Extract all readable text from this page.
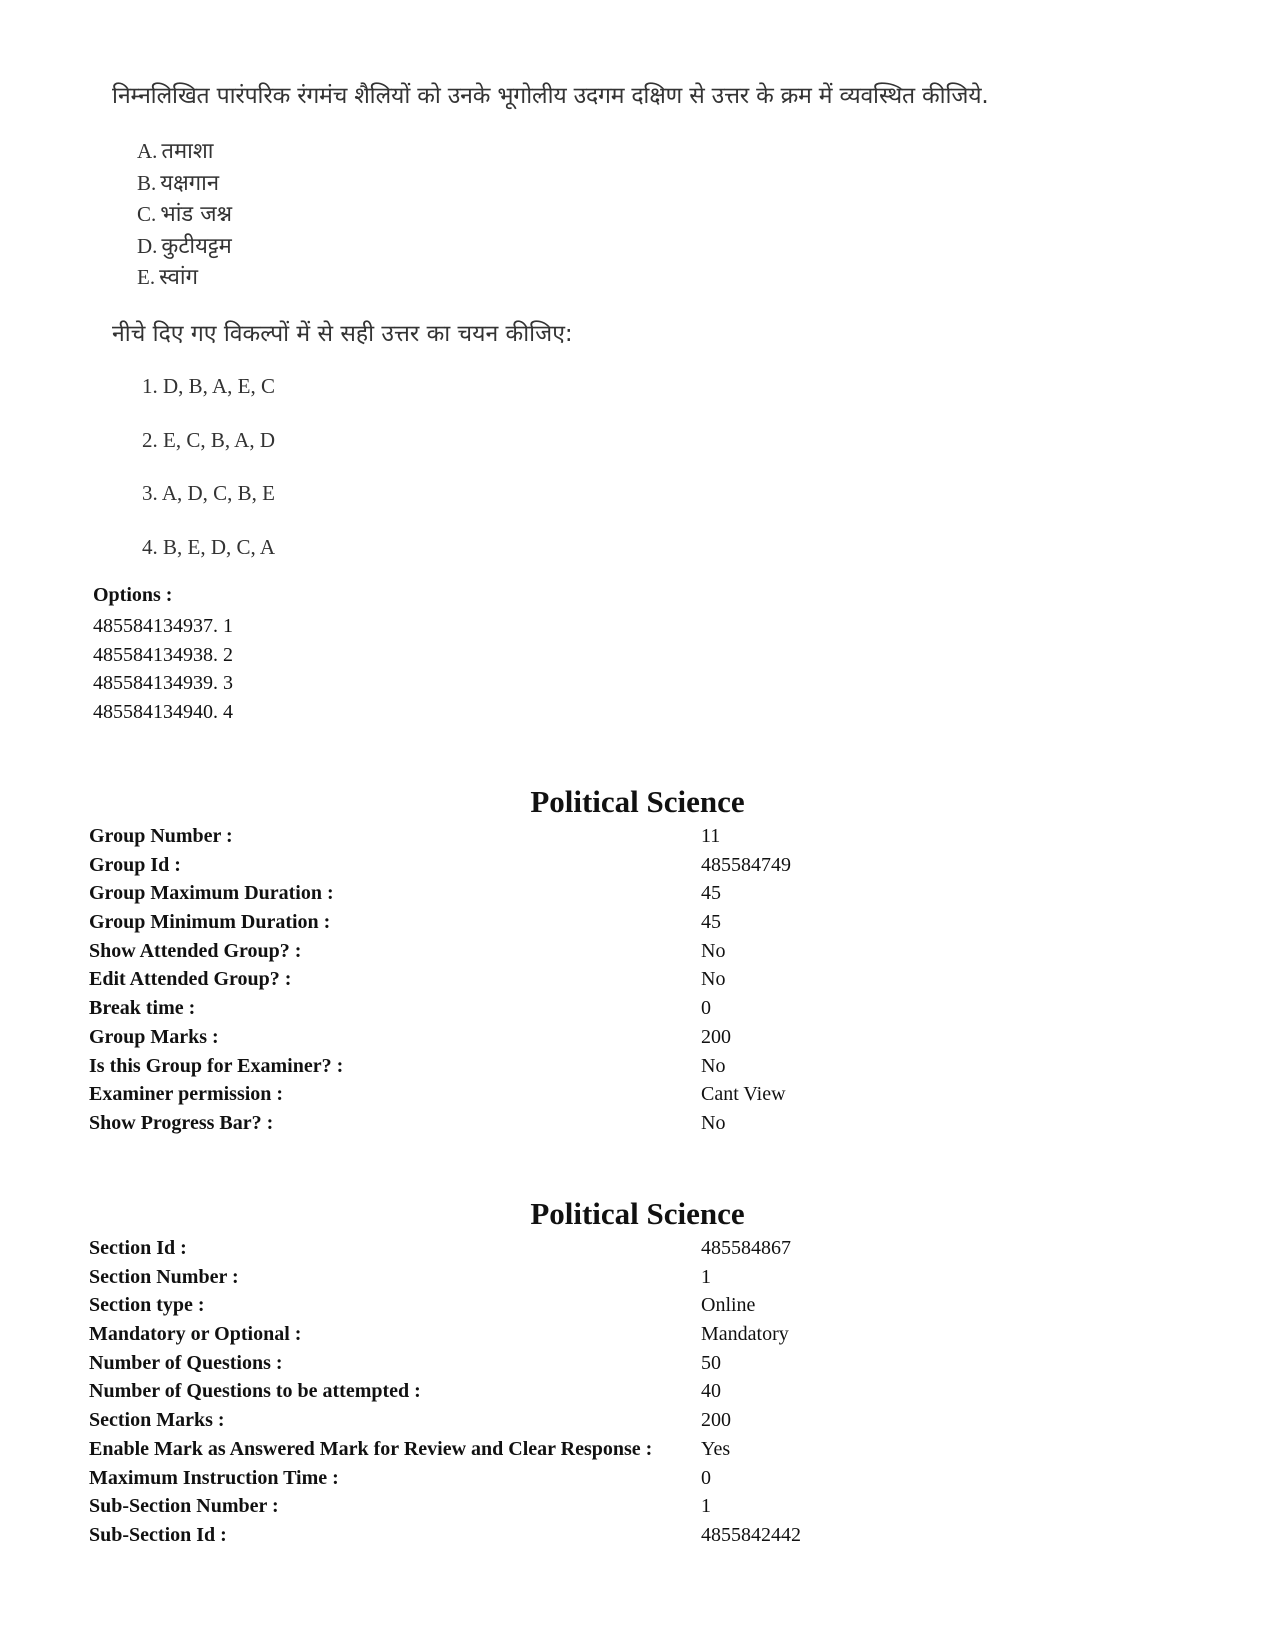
निम्नलिखित पारंपरिक रंगमंच शैलियों को उनके भूगोलीय उदगम दक्षिण से उत्तर के क्रम में व्यवस्थित कीजिये.
A. तमाशा
B. यक्षगान
C. भांड जश्न
D. कुटीयट्टम
E. स्वांग
नीचे दिए गए विकल्पों में से सही उत्तर का चयन कीजिए:
1. D, B, A, E, C
2. E, C, B, A, D
3. A, D, C, B, E
4. B, E, D, C, A
Options :
485584134937. 1
485584134938. 2
485584134939. 3
485584134940. 4
Political Science
Group Number :	11
Group Id :	485584749
Group Maximum Duration :	45
Group Minimum Duration :	45
Show Attended Group? :	No
Edit Attended Group? :	No
Break time :	0
Group Marks :	200
Is this Group for Examiner? :	No
Examiner permission :	Cant View
Show Progress Bar? :	No
Political Science
Section Id :	485584867
Section Number :	1
Section type :	Online
Mandatory or Optional :	Mandatory
Number of Questions :	50
Number of Questions to be attempted :	40
Section Marks :	200
Enable Mark as Answered Mark for Review and Clear Response : Yes
Maximum Instruction Time :	0
Sub-Section Number :	1
Sub-Section Id :	4855842442
